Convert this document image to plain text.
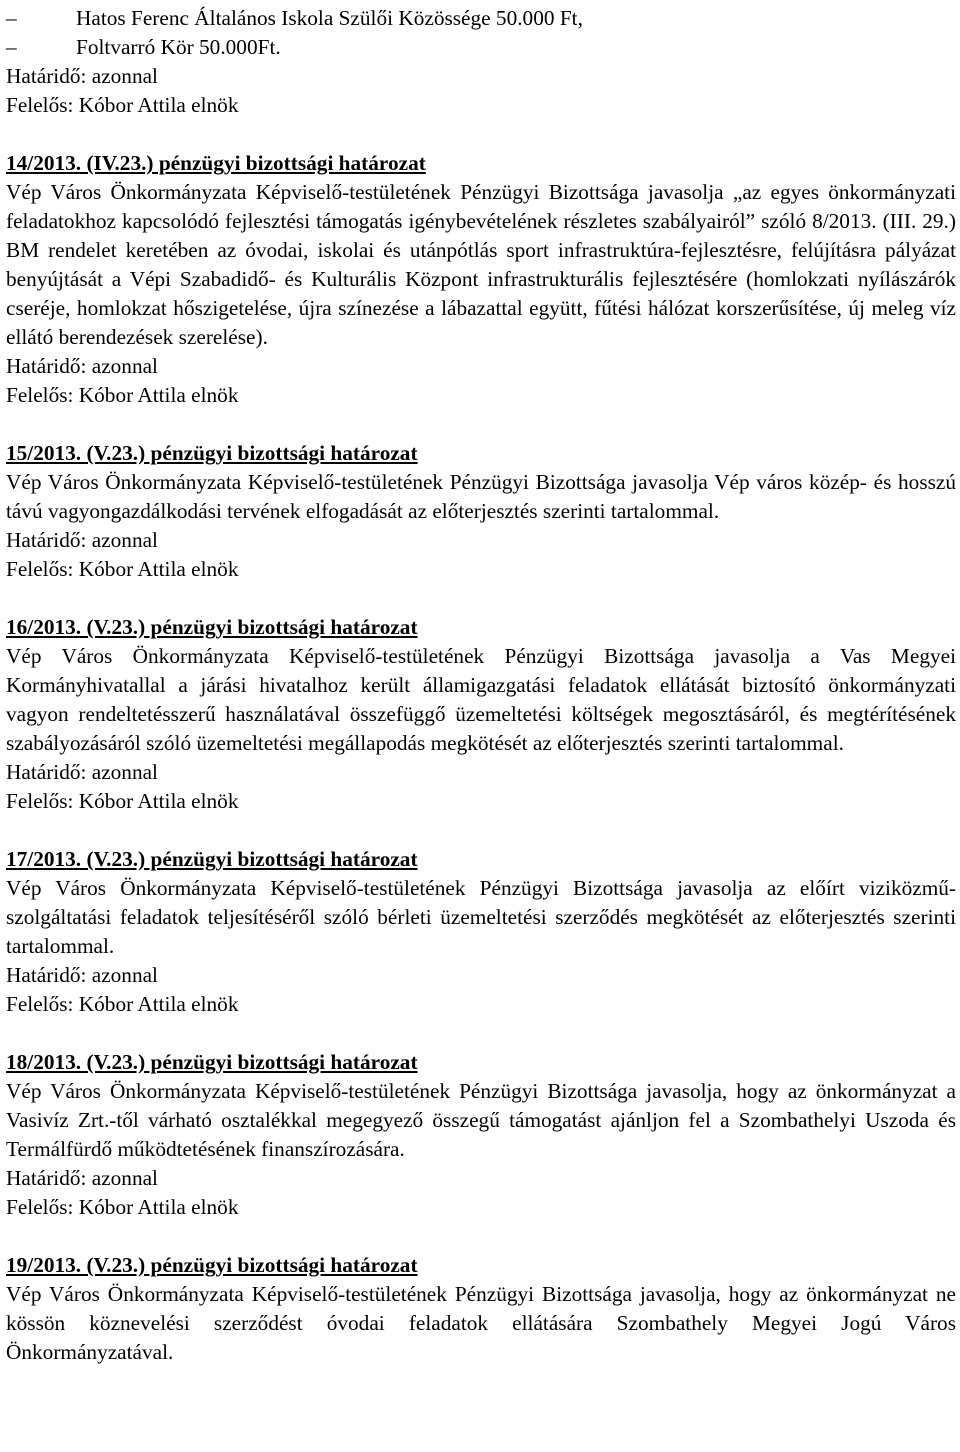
–	Hatos Ferenc Általános Iskola Szülői Közössége 50.000 Ft,
–	Foltvarró Kör 50.000Ft.
Határidő: azonnal
Felelős: Kóbor Attila elnök
14/2013. (IV.23.) pénzügyi bizottsági határozat
Vép Város Önkormányzata Képviselő-testületének Pénzügyi Bizottsága javasolja „az egyes önkormányzati feladatokhoz kapcsolódó fejlesztési támogatás igénybevételének részletes szabályairól” szóló 8/2013. (III. 29.) BM rendelet keretében az óvodai, iskolai és utánpótlás sport infrastruktúra-fejlesztésre, felújításra pályázat benyújtását a Vépi Szabadidő- és Kulturális Központ infrastrukturális fejlesztésére (homlokzati nyílászárók cseréje, homlokzat hőszigetelése, újra színezése a lábazattal együtt, fűtési hálózat korszerűsítése, új meleg víz ellátó berendezések szerelése).
Határidő: azonnal
Felelős: Kóbor Attila elnök
15/2013. (V.23.) pénzügyi bizottsági határozat
Vép Város Önkormányzata Képviselő-testületének Pénzügyi Bizottsága javasolja Vép város közép- és hosszú távú vagyongazdálkodási tervének elfogadását az előterjesztés szerinti tartalommal.
Határidő: azonnal
Felelős: Kóbor Attila elnök
16/2013. (V.23.) pénzügyi bizottsági határozat
Vép Város Önkormányzata Képviselő-testületének Pénzügyi Bizottsága javasolja a Vas Megyei Kormányhivatallal a járási hivatalhoz került államigazgatási feladatok ellátását biztosító önkormányzati vagyon rendeltetésszerű használatával összefüggő üzemeltetési költségek megosztásáról, és megtérítésének szabályozásáról szóló üzemeltetési megállapodás megkötését az előterjesztés szerinti tartalommal.
Határidő: azonnal
Felelős: Kóbor Attila elnök
17/2013. (V.23.) pénzügyi bizottsági határozat
Vép Város Önkormányzata Képviselő-testületének Pénzügyi Bizottsága javasolja az előírt viziközmű-szolgáltatási feladatok teljesítéséről szóló bérleti üzemeltetési szerződés megkötését az előterjesztés szerinti tartalommal.
Határidő: azonnal
Felelős: Kóbor Attila elnök
18/2013. (V.23.) pénzügyi bizottsági határozat
Vép Város Önkormányzata Képviselő-testületének Pénzügyi Bizottsága javasolja, hogy az önkormányzat a Vasivíz Zrt.-től várható osztalékkal megegyező összegű támogatást ajánljon fel a Szombathelyi Uszoda és Termálfürdő működtetésének finanszírozására.
Határidő: azonnal
Felelős: Kóbor Attila elnök
19/2013. (V.23.) pénzügyi bizottsági határozat
Vép Város Önkormányzata Képviselő-testületének Pénzügyi Bizottsága javasolja, hogy az önkormányzat ne kössön köznevelési szerződést óvodai feladatok ellátására Szombathely Megyei Jogú Város Önkormányzatával.
